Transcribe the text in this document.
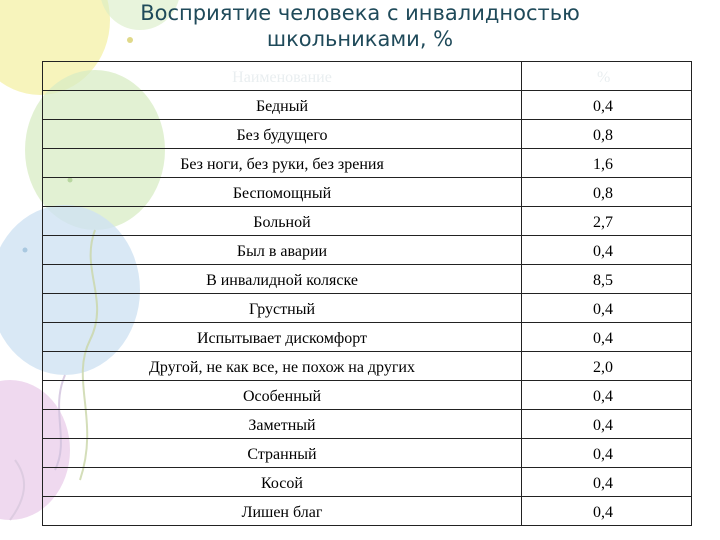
Восприятие человека с инвалидностью
школьниками, %
Наименование	%
Бедный	0,4
Без будущего	0,8
Без ноги, без руки, без зрения	1,6
Беспомощный	0,8
Больной	2,7
Был в аварии	0,4
В инвалидной коляске	8,5
Грустный	0,4
Испытывает дискомфорт	0,4
Другой, не как все, не похож на других	2,0
Особенный	0,4
Заметный	0,4
Странный	0,4
Косой	0,4
Лишен благ	0,4
